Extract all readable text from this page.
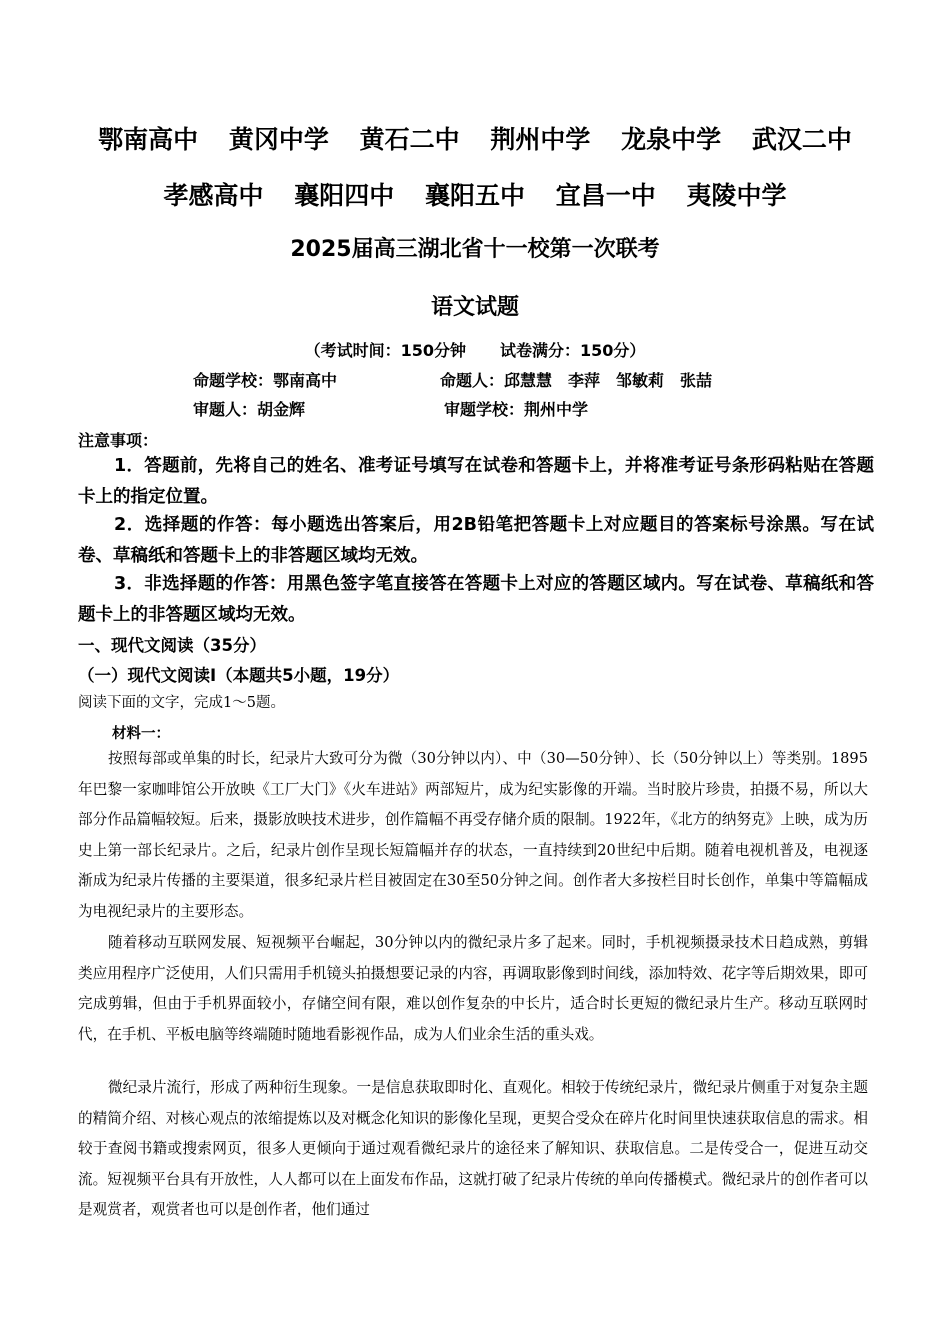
鄂南高中 黄冈中学 黄石二中 荆州中学 龙泉中学 武汉二中
孝感高中 襄阳四中 襄阳五中 宜昌一中 夷陵中学
2025届高三湖北省十一校第一次联考
语文试题
（考试时间：150分钟 试卷满分：150分）
命题学校：鄂南高中	命题人：邱慧慧　李萍　邹敏莉　张喆
审题人：胡金辉	审题学校：荆州中学
注意事项：
1．答题前，先将自己的姓名、准考证号填写在试卷和答题卡上，并将准考证号条形码粘贴在答题卡上的指定位置。
2．选择题的作答：每小题选出答案后，用2B铅笔把答题卡上对应题目的答案标号涂黑。写在试卷、草稿纸和答题卡上的非答题区域均无效。
3．非选择题的作答：用黑色签字笔直接答在答题卡上对应的答题区域内。写在试卷、草稿纸和答题卡上的非答题区域均无效。
一、现代文阅读（35分）
（一）现代文阅读Ⅰ（本题共5小题，19分）
阅读下面的文字，完成1～5题。
材料一：
按照每部或单集的时长，纪录片大致可分为微（30分钟以内）、中（30—50分钟）、长（50分钟以上）等类别。1895年巴黎一家咖啡馆公开放映《工厂大门》《火车进站》两部短片，成为纪实影像的开端。当时胶片珍贵，拍摄不易，所以大部分作品篇幅较短。后来，摄影放映技术进步，创作篇幅不再受存储介质的限制。1922年，《北方的纳努克》上映，成为历史上第一部长纪录片。之后，纪录片创作呈现长短篇幅并存的状态，一直持续到20世纪中后期。随着电视机普及，电视逐渐成为纪录片传播的主要渠道，很多纪录片栏目被固定在30至50分钟之间。创作者大多按栏目时长创作，单集中等篇幅成为电视纪录片的主要形态。
随着移动互联网发展、短视频平台崛起，30分钟以内的微纪录片多了起来。同时，手机视频摄录技术日趋成熟，剪辑类应用程序广泛使用，人们只需用手机镜头拍摄想要记录的内容，再调取影像到时间线，添加特效、花字等后期效果，即可完成剪辑，但由于手机界面较小，存储空间有限，难以创作复杂的中长片，适合时长更短的微纪录片生产。移动互联网时代，在手机、平板电脑等终端随时随地看影视作品，成为人们业余生活的重头戏。
微纪录片流行，形成了两种衍生现象。一是信息获取即时化、直观化。相较于传统纪录片，微纪录片侧重于对复杂主题的精简介绍、对核心观点的浓缩提炼以及对概念化知识的影像化呈现，更契合受众在碎片化时间里快速获取信息的需求。相较于查阅书籍或搜索网页，很多人更倾向于通过观看微纪录片的途径来了解知识、获取信息。二是传受合一，促进互动交流。短视频平台具有开放性，人人都可以在上面发布作品，这就打破了纪录片传统的单向传播模式。微纪录片的创作者可以是观赏者，观赏者也可以是创作者，他们通过
